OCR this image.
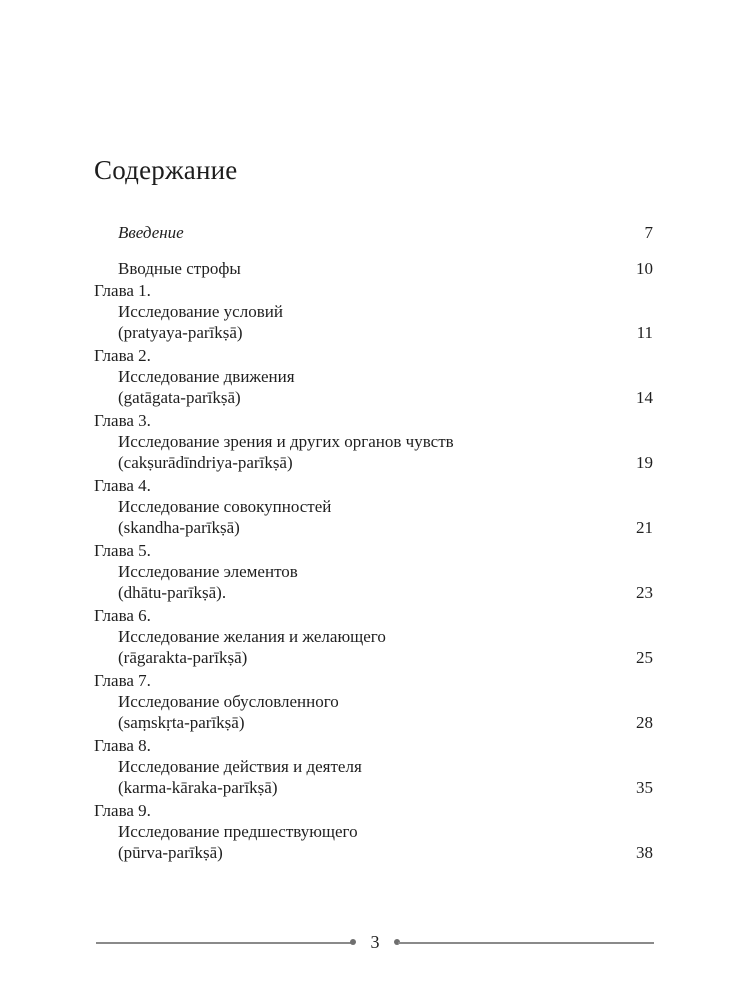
Содержание
Введение	7
Вводные строфы	10
Глава 1.
Исследование условий
(pratyaya-parīkṣā)	11
Глава 2.
Исследование движения
(gatāgata-parīkṣā)	14
Глава 3.
Исследование зрения и других органов чувств
(cakṣurādīndriya-parīkṣā)	19
Глава 4.
Исследование совокупностей
(skandha-parīkṣā)	21
Глава 5.
Исследование элементов
(dhātu-parīkṣā).	23
Глава 6.
Исследование желания и желающего
(rāgarakta-parīkṣā)	25
Глава 7.
Исследование обусловленного
(saṃskṛta-parīkṣā)	28
Глава 8.
Исследование действия и деятеля
(karma-kāraka-parīkṣā)	35
Глава 9.
Исследование предшествующего
(pūrva-parīkṣā)	38
3
